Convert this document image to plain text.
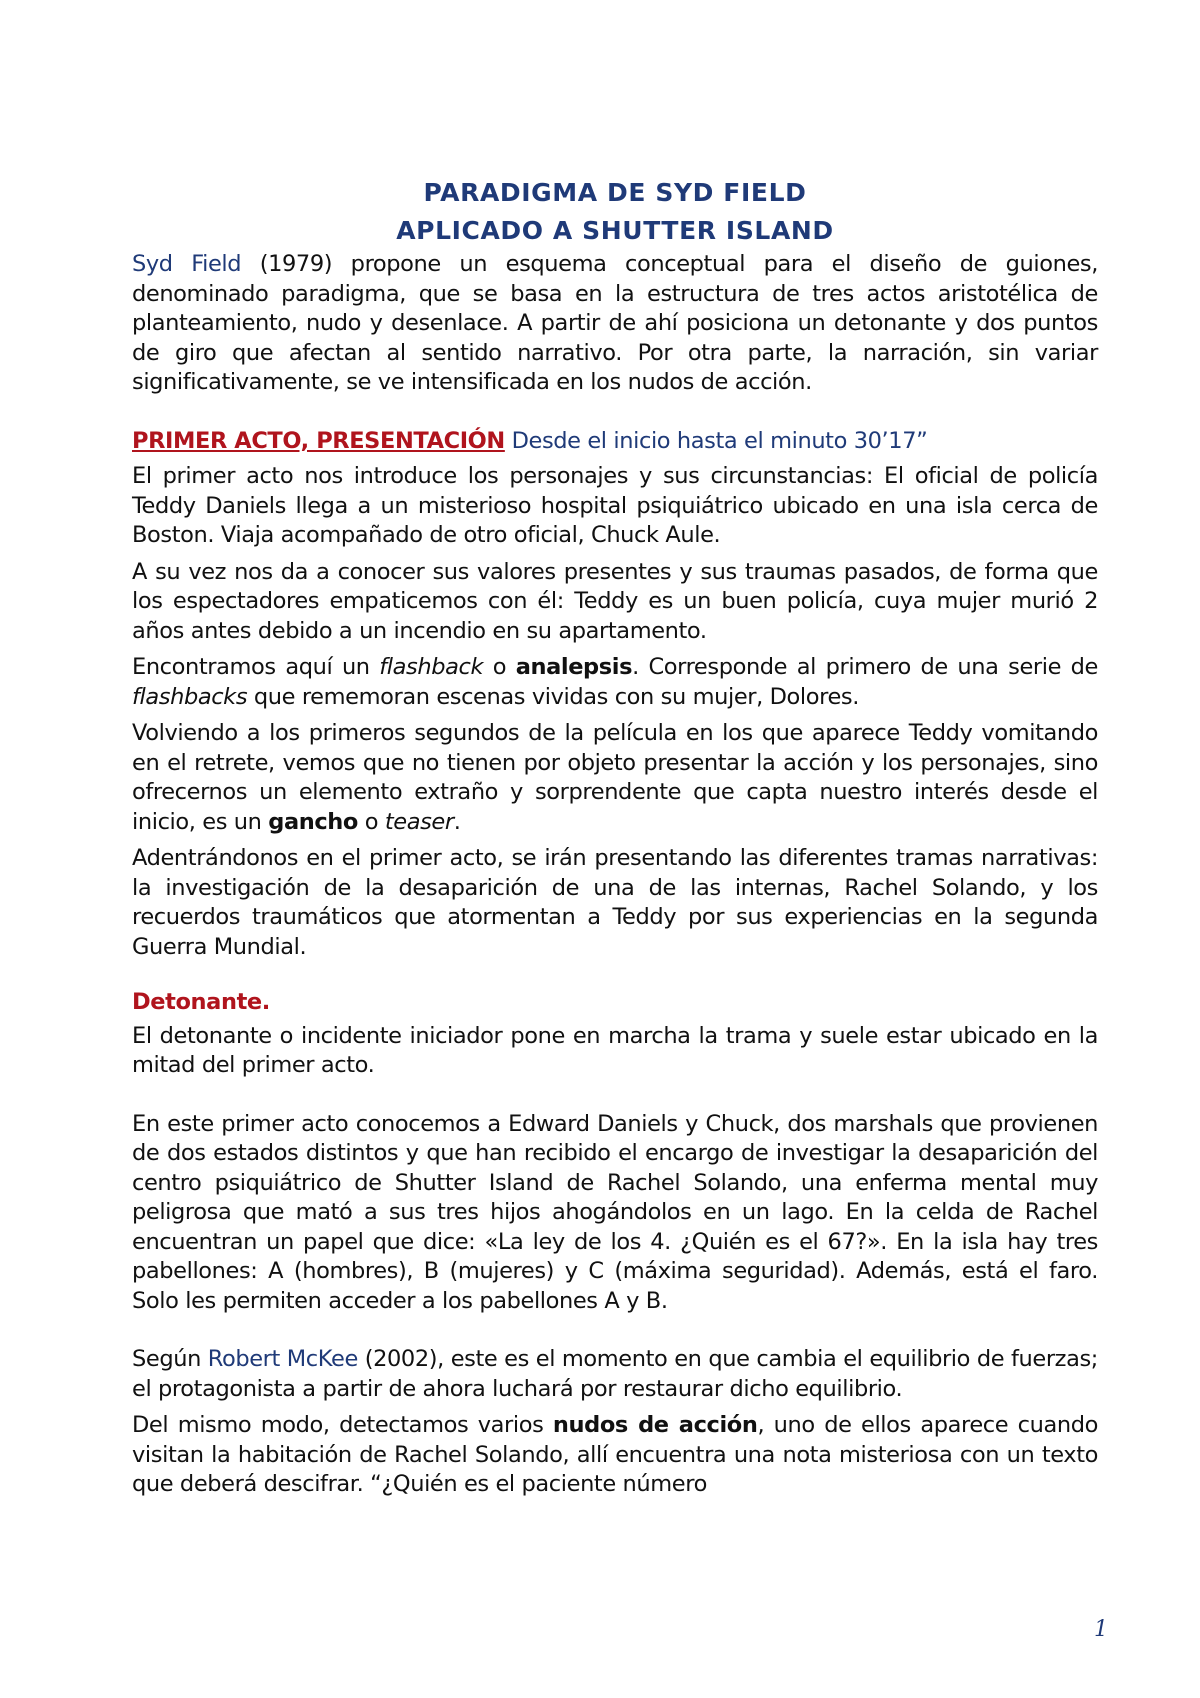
PARADIGMA DE SYD FIELD
APLICADO A SHUTTER ISLAND

Syd Field (1979) propone un esquema conceptual para el diseño de guiones, denominado paradigma, que se basa en la estructura de tres actos aristotélica de planteamiento, nudo y desenlace. A partir de ahí posiciona un detonante y dos puntos de giro que afectan al sentido narrativo. Por otra parte, la narración, sin variar significativamente, se ve intensificada en los nudos de acción.

PRIMER ACTO, PRESENTACIÓN Desde el inicio hasta el minuto 30’17”

El primer acto nos introduce los personajes y sus circunstancias: El oficial de policía Teddy Daniels llega a un misterioso hospital psiquiátrico ubicado en una isla cerca de Boston. Viaja acompañado de otro oficial, Chuck Aule.

A su vez nos da a conocer sus valores presentes y sus traumas pasados, de forma que los espectadores empaticemos con él: Teddy es un buen policía, cuya mujer murió 2 años antes debido a un incendio en su apartamento.

Encontramos aquí un flashback o analepsis. Corresponde al primero de una serie de flashbacks que rememoran escenas vividas con su mujer, Dolores.

Volviendo a los primeros segundos de la película en los que aparece Teddy vomitando en el retrete, vemos que no tienen por objeto presentar la acción y los personajes, sino ofrecernos un elemento extraño y sorprendente que capta nuestro interés desde el inicio, es un gancho o teaser.

Adentrándonos en el primer acto, se irán presentando las diferentes tramas narrativas: la investigación de la desaparición de una de las internas, Rachel Solando, y los recuerdos traumáticos que atormentan a Teddy por sus experiencias en la segunda Guerra Mundial.

Detonante.

El detonante o incidente iniciador pone en marcha la trama y suele estar ubicado en la mitad del primer acto.

En este primer acto conocemos a Edward Daniels y Chuck, dos marshals que provienen de dos estados distintos y que han recibido el encargo de investigar la desaparición del centro psiquiátrico de Shutter Island de Rachel Solando, una enferma mental muy peligrosa que mató a sus tres hijos ahogándolos en un lago. En la celda de Rachel encuentran un papel que dice: «La ley de los 4. ¿Quién es el 67?». En la isla hay tres pabellones: A (hombres), B (mujeres) y C (máxima seguridad). Además, está el faro. Solo les permiten acceder a los pabellones A y B.

Según Robert McKee (2002), este es el momento en que cambia el equilibrio de fuerzas; el protagonista a partir de ahora luchará por restaurar dicho equilibrio.

Del mismo modo, detectamos varios nudos de acción, uno de ellos aparece cuando visitan la habitación de Rachel Solando, allí encuentra una nota misteriosa con un texto que deberá descifrar. “¿Quién es el paciente número

1
